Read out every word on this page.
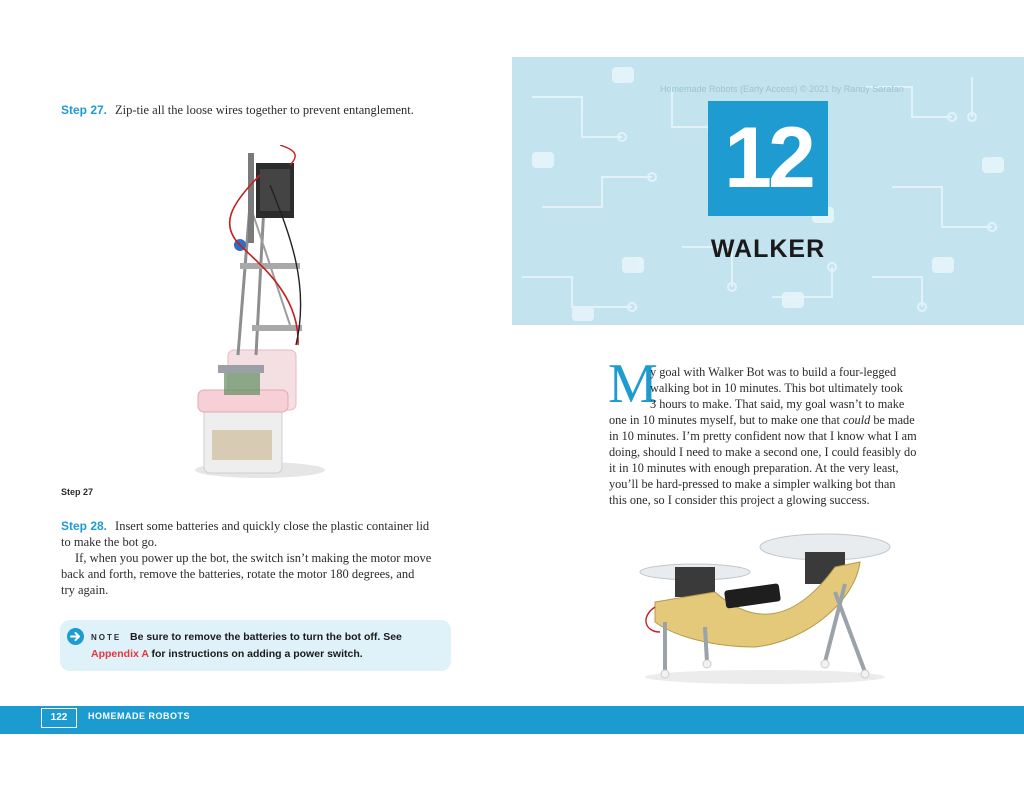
Step 27. Zip-tie all the loose wires together to prevent entanglement.
Step 27
Step 28. Insert some batteries and quickly close the plastic container lid
to make the bot go.
If, when you power up the bot, the switch isn’t making the motor move
back and forth, remove the batteries, rotate the motor 180 degrees, and
try again.
NOTE Be sure to remove the batteries to turn the bot off. See
Appendix A for instructions on adding a power switch.
122	HOMEMADE ROBOTS
Homemade Robots (Early Access) © 2021 by Randy Sarafan
12
WALKER
M
y goal with Walker Bot was to build a four-legged
walking bot in 10 minutes. This bot ultimately took
3 hours to make. That said, my goal wasn’t to make
one in 10 minutes myself, but to make one that could be made
in 10 minutes. I’m pretty confident now that I know what I am
doing, should I need to make a second one, I could feasibly do
it in 10 minutes with enough preparation. At the very least,
you’ll be hard-pressed to make a simpler walking bot than
this one, so I consider this project a glowing success.
